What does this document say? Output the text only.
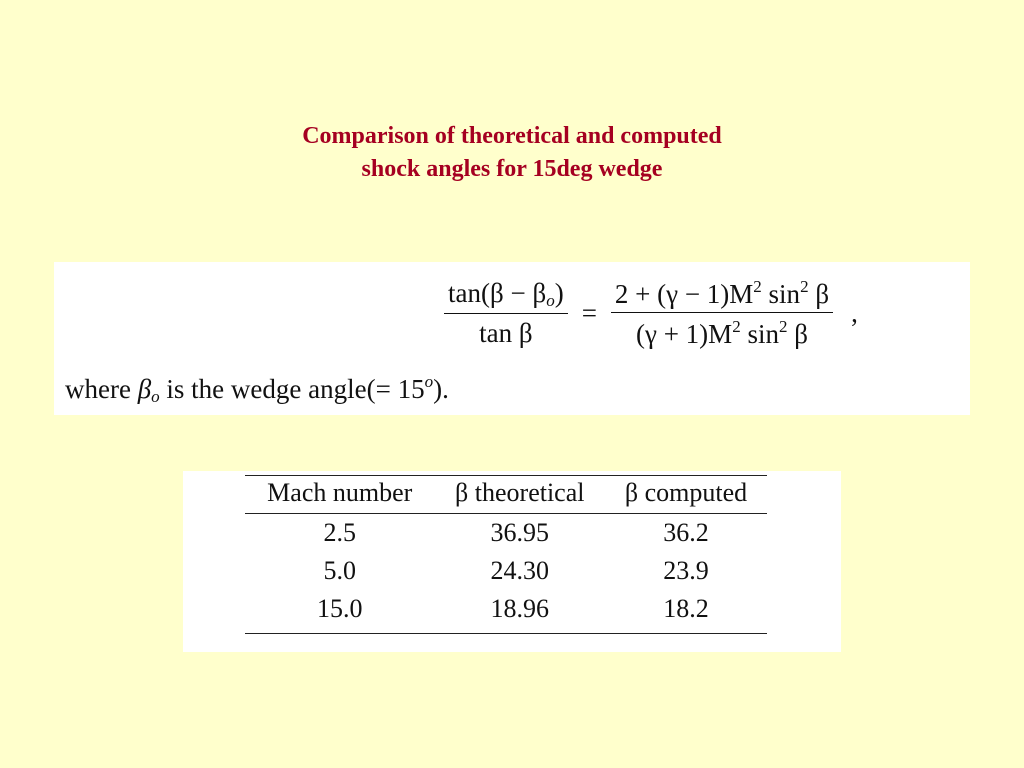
Comparison of theoretical and computed
shock angles for 15deg wedge
$\frac{\tan(\beta - \beta_o)}{\text{tan β}} = \frac{2 + (\gamma - 1)M^2 \sin^2 \beta}{(\gamma + 1)M^2 \sin^2 \beta}$ ,
where $\beta_o$ is the wedge angle(= $15^o$).
Mach number	β theoretical	β computed
2.5	36.95	36.2
5.0	24.30	23.9
15.0	18.96	18.2
